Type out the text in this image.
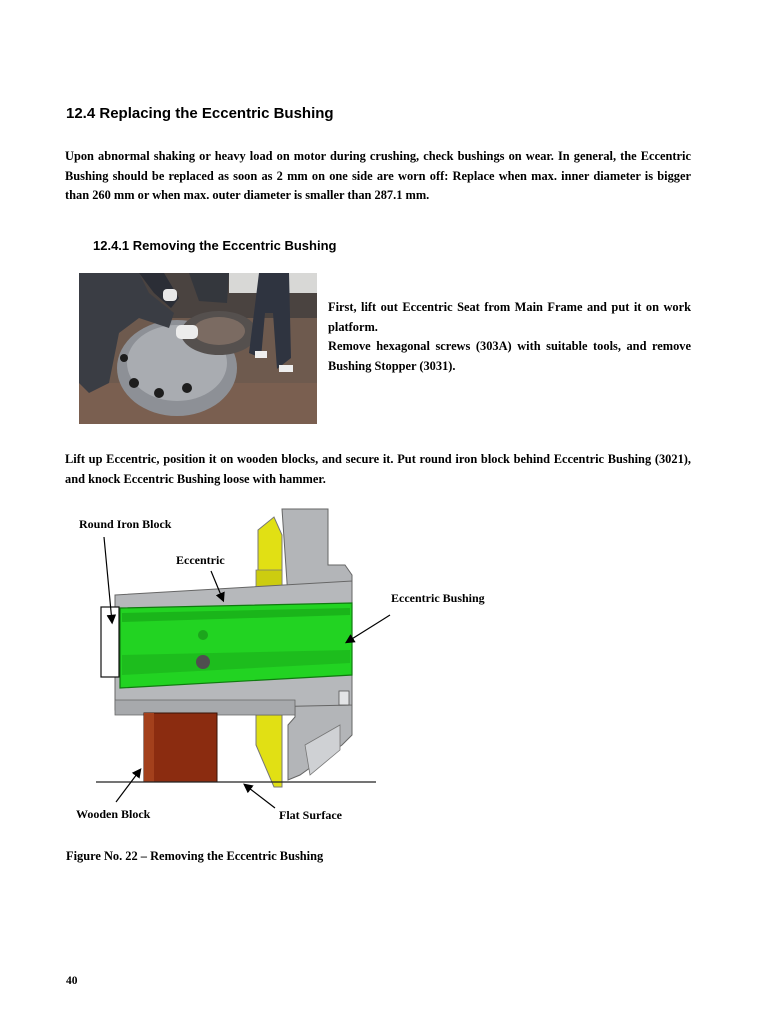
12.4 Replacing the Eccentric Bushing
Upon abnormal shaking or heavy load on motor during crushing, check bushings on wear. In general, the Eccentric Bushing should be replaced as soon as 2 mm on one side are worn off: Replace when max. inner diameter is bigger than 260 mm or when max. outer diameter is smaller than 287.1 mm.
12.4.1 Removing the Eccentric Bushing
First, lift out Eccentric Seat from Main Frame and put it on work platform.
Remove hexagonal screws (303A) with suitable tools, and remove Bushing Stopper (3031).
Lift up Eccentric, position it on wooden blocks, and secure it. Put round iron block behind Eccentric Bushing (3021), and knock Eccentric Bushing loose with hammer.
Round Iron Block
Eccentric
Eccentric Bushing
Wooden Block	Flat Surface
Figure No. 22 – Removing the Eccentric Bushing
40
